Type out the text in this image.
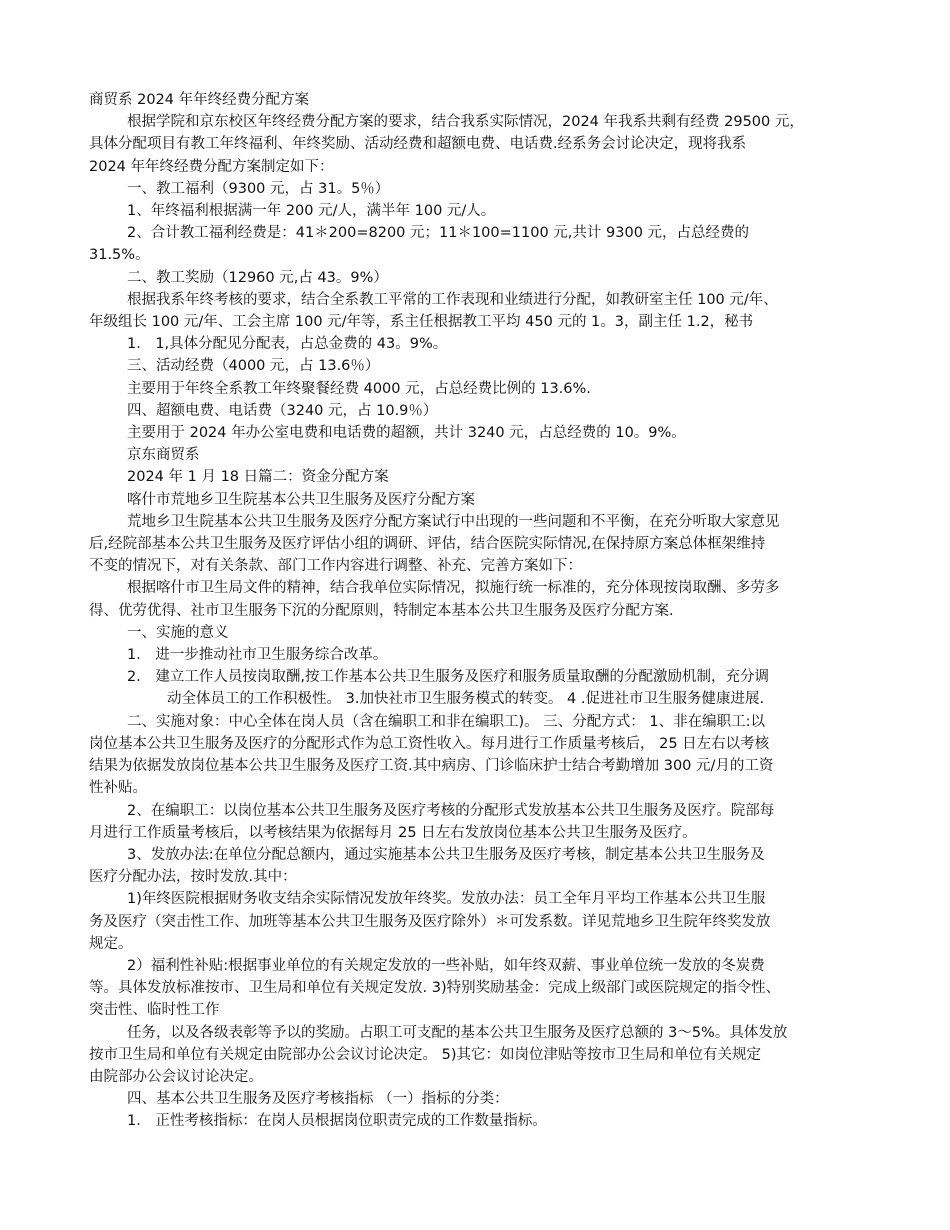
商贸系 2024 年年终经费分配方案
根据学院和京东校区年终经费分配方案的要求，结合我系实际情况，2024 年我系共剩有经费 29500 元，
具体分配项目有教工年终福利、年终奖励、活动经费和超额电费、电话费.经系务会讨论决定，现将我系
2024 年年终经费分配方案制定如下：
一、教工福利（9300 元，占 31。5％）
1、年终福利根据满一年 200 元/人，满半年 100 元/人。
2、合计教工福利经费是：41＊200=8200 元；11＊100=1100 元,共计 9300 元，占总经费的
31.5%。
二、教工奖励（12960 元,占 43。9%）
根据我系年终考核的要求，结合全系教工平常的工作表现和业绩进行分配，如教研室主任 100 元/年、
年级组长 100 元/年、工会主席 100 元/年等，系主任根据教工平均 450 元的 1。3，副主任 1.2，秘书
1． 1,具体分配见分配表，占总金费的 43。9%。
三、活动经费（4000 元，占 13.6％）
主要用于年终全系教工年终聚餐经费 4000 元，占总经费比例的 13.6%.
四、超额电费、电话费（3240 元，占 10.9％）
主要用于 2024 年办公室电费和电话费的超额，共计 3240 元，占总经费的 10。9%。
京东商贸系
2024 年 1 月 18 日篇二：资金分配方案
喀什市荒地乡卫生院基本公共卫生服务及医疗分配方案
荒地乡卫生院基本公共卫生服务及医疗分配方案试行中出现的一些问题和不平衡，在充分听取大家意见
后,经院部基本公共卫生服务及医疗评估小组的调研、评估，结合医院实际情况,在保持原方案总体框架维持
不变的情况下，对有关条款、部门工作内容进行调整、补充、完善方案如下：
根据喀什市卫生局文件的精神，结合我单位实际情况，拟施行统一标准的，充分体现按岗取酬、多劳多
得、优劳优得、社市卫生服务下沉的分配原则，特制定本基本公共卫生服务及医疗分配方案.
一、实施的意义
1． 进一步推动社市卫生服务综合改革。
2． 建立工作人员按岗取酬,按工作基本公共卫生服务及医疗和服务质量取酬的分配激励机制，充分调
动全体员工的工作积极性。 3.加快社市卫生服务模式的转变。 4 .促进社市卫生服务健康进展.
二、实施对象：中心全体在岗人员（含在编职工和非在编职工)。 三、分配方式： 1、非在编职工:以
岗位基本公共卫生服务及医疗的分配形式作为总工资性收入。每月进行工作质量考核后， 25 日左右以考核
结果为依据发放岗位基本公共卫生服务及医疗工资.其中病房、门诊临床护士结合考勤增加 300 元/月的工资
性补贴。
2、在编职工：以岗位基本公共卫生服务及医疗考核的分配形式发放基本公共卫生服务及医疗。院部每
月进行工作质量考核后，以考核结果为依据每月 25 日左右发放岗位基本公共卫生服务及医疗。
3、发放办法:在单位分配总额内，通过实施基本公共卫生服务及医疗考核，制定基本公共卫生服务及
医疗分配办法，按时发放.其中：
1)年终医院根据财务收支结余实际情况发放年终奖。发放办法：员工全年月平均工作基本公共卫生服
务及医疗（突击性工作、加班等基本公共卫生服务及医疗除外）＊可发系数。详见荒地乡卫生院年终奖发放
规定。
2）福利性补贴:根据事业单位的有关规定发放的一些补贴，如年终双薪、事业单位统一发放的冬炭费
等。具体发放标准按市、卫生局和单位有关规定发放. 3)特别奖励基金：完成上级部门或医院规定的指令性、
突击性、临时性工作
任务，以及各级表彰等予以的奖励。占职工可支配的基本公共卫生服务及医疗总额的 3～5%。具体发放
按市卫生局和单位有关规定由院部办公会议讨论决定。 5)其它：如岗位津贴等按市卫生局和单位有关规定
由院部办公会议讨论决定。
四、基本公共卫生服务及医疗考核指标 （一）指标的分类：
1． 正性考核指标：在岗人员根据岗位职责完成的工作数量指标。
